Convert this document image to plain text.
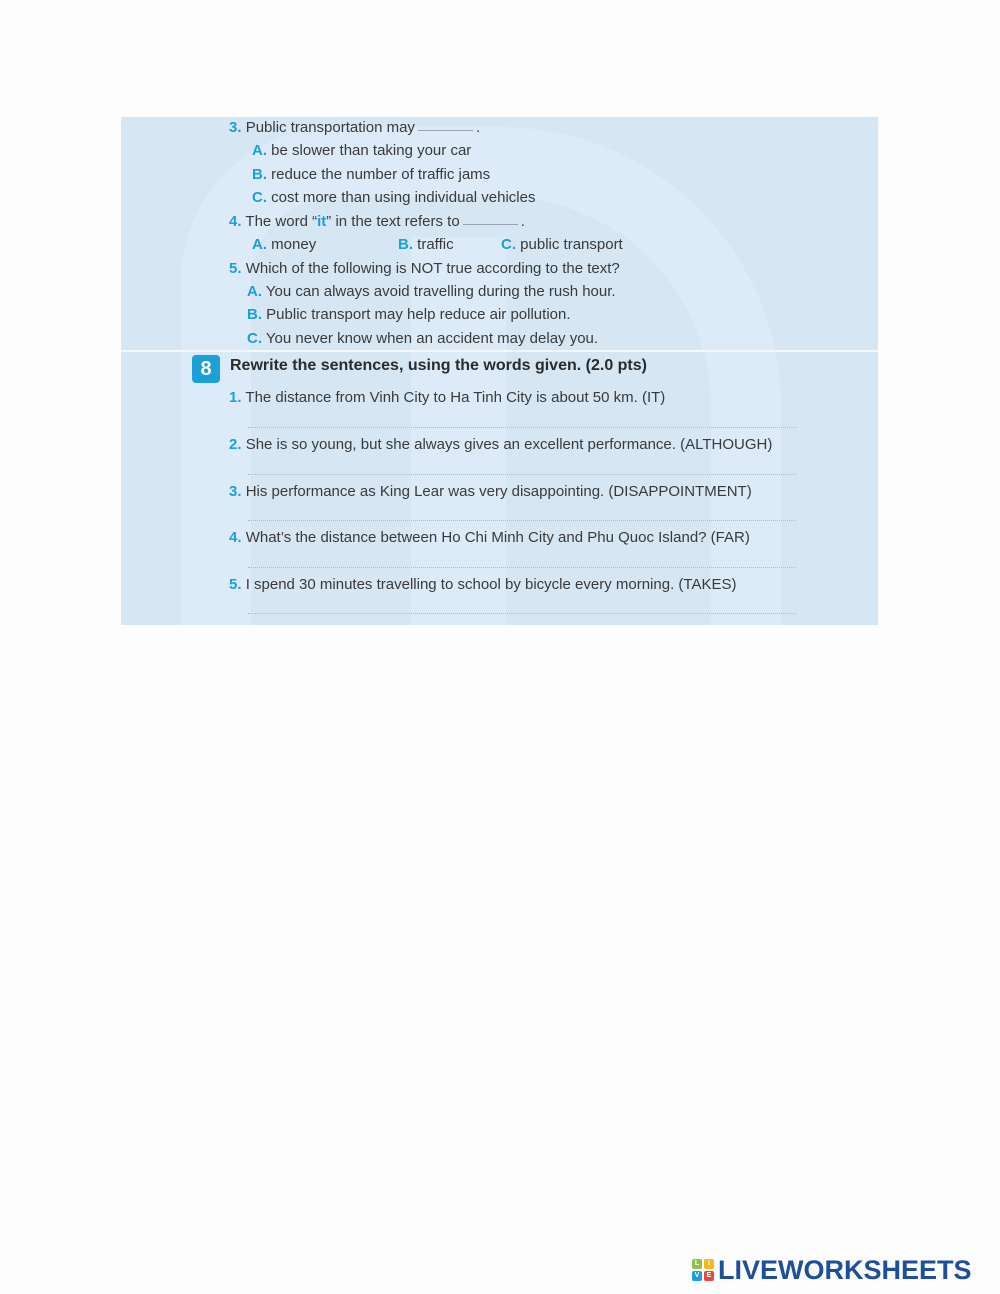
3. Public transportation may	.
A. be slower than taking your car
B. reduce the number of traffic jams
C. cost more than using individual vehicles
4. The word “it” in the text refers to	.
A. money	B. traffic	C. public transport
5. Which of the following is NOT true according to the text?
A. You can always avoid travelling during the rush hour.
B. Public transport may help reduce air pollution.
C. You never know when an accident may delay you.
8	Rewrite the sentences, using the words given. (2.0 pts)
1. The distance from Vinh City to Ha Tinh City is about 50 km. (IT)
2. She is so young, but she always gives an excellent performance. (ALTHOUGH)
3. His performance as King Lear was very disappointing. (DISAPPOINTMENT)
4. What’s the distance between Ho Chi Minh City and Phu Quoc Island? (FAR)
5. I spend 30 minutes travelling to school by bicycle every morning. (TAKES)
L	I
V	E LIVEWORKSHEETS
